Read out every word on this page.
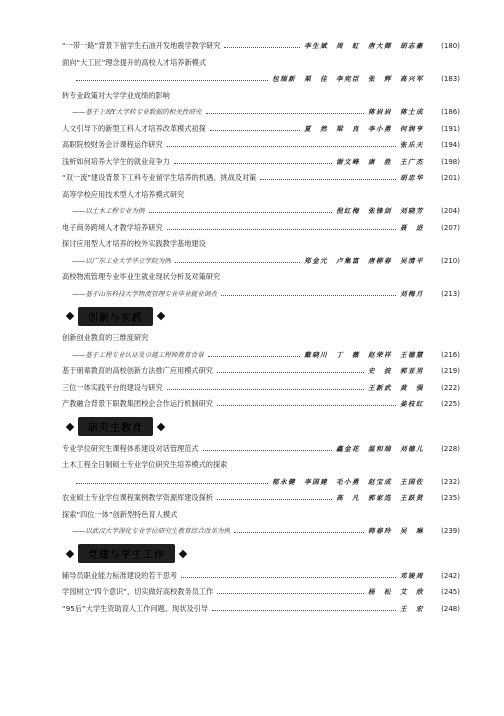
“一带一路”背景下留学生石油开发地震学教学研究	李生斌　周　虹　唐大卿　胡志豪	(180)
面向“大工匠”理念提升的高校人才培养新模式
包瑞新　栗　佳　李宪臣　张　辉　高兴军	(183)
转专业政策对大学学业成绩的影响
——基于上海Y大学转专业数据的相关性研究	蒋岩岩　蒋士成	(186)
人文引导下的新型工科人才培养改革模式初探	夏　然　梁　良　李小勇　何润亨	(191)
高职院校财务会计课程运作研究	张乐天	(194)
浅析如何培养大学生的就业竞争力	谢文峰　康　胜　王广杰	(198)
“双一流”建设背景下工科专业留学生培养的机遇、挑战及对策	胡忠华	(201)
高等学校应用技术型人才培养模式研究
——以土木工程专业为例	倪红梅　张锋剑　刘晓芳	(204)
电子商务跨境人才教学培养研究	聂　进	(207)
探讨应用型人才培养的校外实践教学基地建设
——以广东工业大学华立学院为例	郑金元　卢集富　唐柳春　吴清平	(210)
高校物流管理专业毕业生就业现状分析及对策研究
——基于山东科技大学物流管理专业毕业就业调查	刘梅月	(213)
创新与实践
创新创业教育的三维度研究
——基于工程专业认证及卓越工程师教育背景	戴晓川　丁　薇　赵荣祥　王德慧	(216)
基于朋辈教育的高校创新方法推广应用模式研究	史　波　郭亚男	(219)
三位一体实践平台的建设与研究	王新武　黄　强	(222)
产教融合背景下职教集团校企合作运行机制研究	姜枝红	(225)
研究生教育
专业学位研究生课程体系建设对话管理范式	鑫金花　温和瑞　刘德儿	(228)
土木工程全日制硕士专业学位研究生培养模式的探索
郁永健　李国建　毛小勇　赵宝成　王国佐	(232)
农业硕士专业学位课程案例教学资源库建设探析	高　凡　郭家选　王跃贤	(235)
探索“四位一体”创新型特色育人模式
——以武汉大学深化专业学位研究生教育综合改革为例	韩春玲　吴　琳	(239)
党建与学生工作
辅导员职业能力标准建设的若干思考	邓竣周	(242)
学园树立“四个意识”，切实做好高校教务员工作	杨　松　艾　欣	(245)
“95后”大学生资助育人工作问题、现状及引导	王　宏	(248)
